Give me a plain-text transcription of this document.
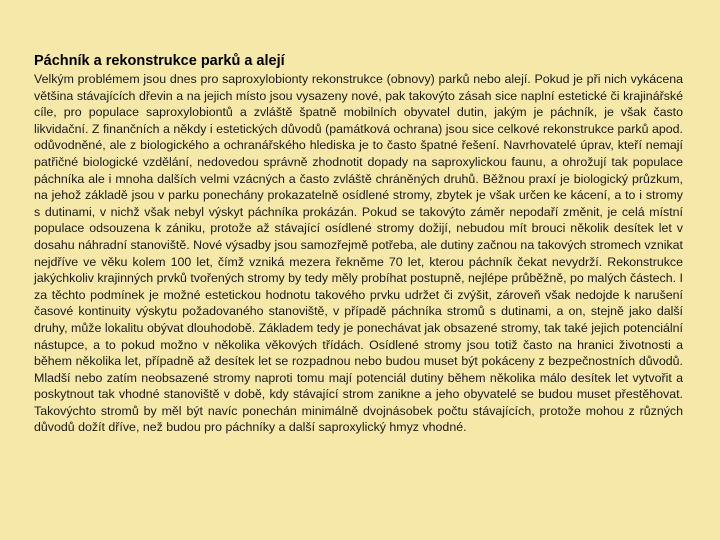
Páchník a rekonstrukce parků a alejí

Velkým problémem jsou dnes pro saproxylobionty rekonstrukce (obnovy) parků nebo alejí. Pokud je při nich vykácena většina stávajících dřevin a na jejich místo jsou vysazeny nové, pak takovýto zásah sice naplní estetické či krajinářské cíle, pro populace saproxylobiontů a zvláště špatně mobilních obyvatel dutin, jakým je páchník, je však často likvidační. Z finančních a někdy i estetických důvodů (památková ochrana) jsou sice celkové rekonstrukce parků apod. odůvodněné, ale z biologického a ochranářského hlediska je to často špatné řešení. Navrhovatelé úprav, kteří nemají patřičné biologické vzdělání, nedovedou správně zhodnotit dopady na saproxylickou faunu, a ohrožují tak populace páchníka ale i mnoha dalších velmi vzácných a často zvláště chráněných druhů. Běžnou praxí je biologický průzkum, na jehož základě jsou v parku ponechány prokazatelně osídlené stromy, zbytek je však určen ke kácení, a to i stromy s dutinami, v nichž však nebyl výskyt páchníka prokázán. Pokud se takovýto záměr nepodaří změnit, je celá místní populace odsouzena k zániku, protože až stávající osídlené stromy dožijí, nebudou mít brouci několik desítek let v dosahu náhradní stanoviště. Nové výsadby jsou samozřejmě potřeba, ale dutiny začnou na takových stromech vznikat nejdříve ve věku kolem 100 let, čímž vzniká mezera řekněme 70 let, kterou páchník čekat nevydrží. Rekonstrukce jakýchkoliv krajinných prvků tvořených stromy by tedy měly probíhat postupně, nejlépe průběžně, po malých částech. I za těchto podmínek je možné estetickou hodnotu takového prvku udržet či zvýšit, zároveň však nedojde k narušení časové kontinuity výskytu požadovaného stanoviště, v případě páchníka stromů s dutinami, a on, stejně jako další druhy, může lokalitu obývat dlouhodobě. Základem tedy je ponechávat jak obsazené stromy, tak také jejich potenciální nástupce, a to pokud možno v několika věkových třídách. Osídlené stromy jsou totiž často na hranici životnosti a během několika let, případně až desítek let se rozpadnou nebo budou muset být pokáceny z bezpečnostních důvodů. Mladší nebo zatím neobsazené stromy naproti tomu mají potenciál dutiny během několika málo desítek let vytvořit a poskytnout tak vhodné stanoviště v době, kdy stávající strom zanikne a jeho obyvatelé se budou muset přestěhovat. Takovýchto stromů by měl být navíc ponechán minimálně dvojnásobek počtu stávajících, protože mohou z různých důvodů dožít dříve, než budou pro páchníky a další saproxylický hmyz vhodné.
